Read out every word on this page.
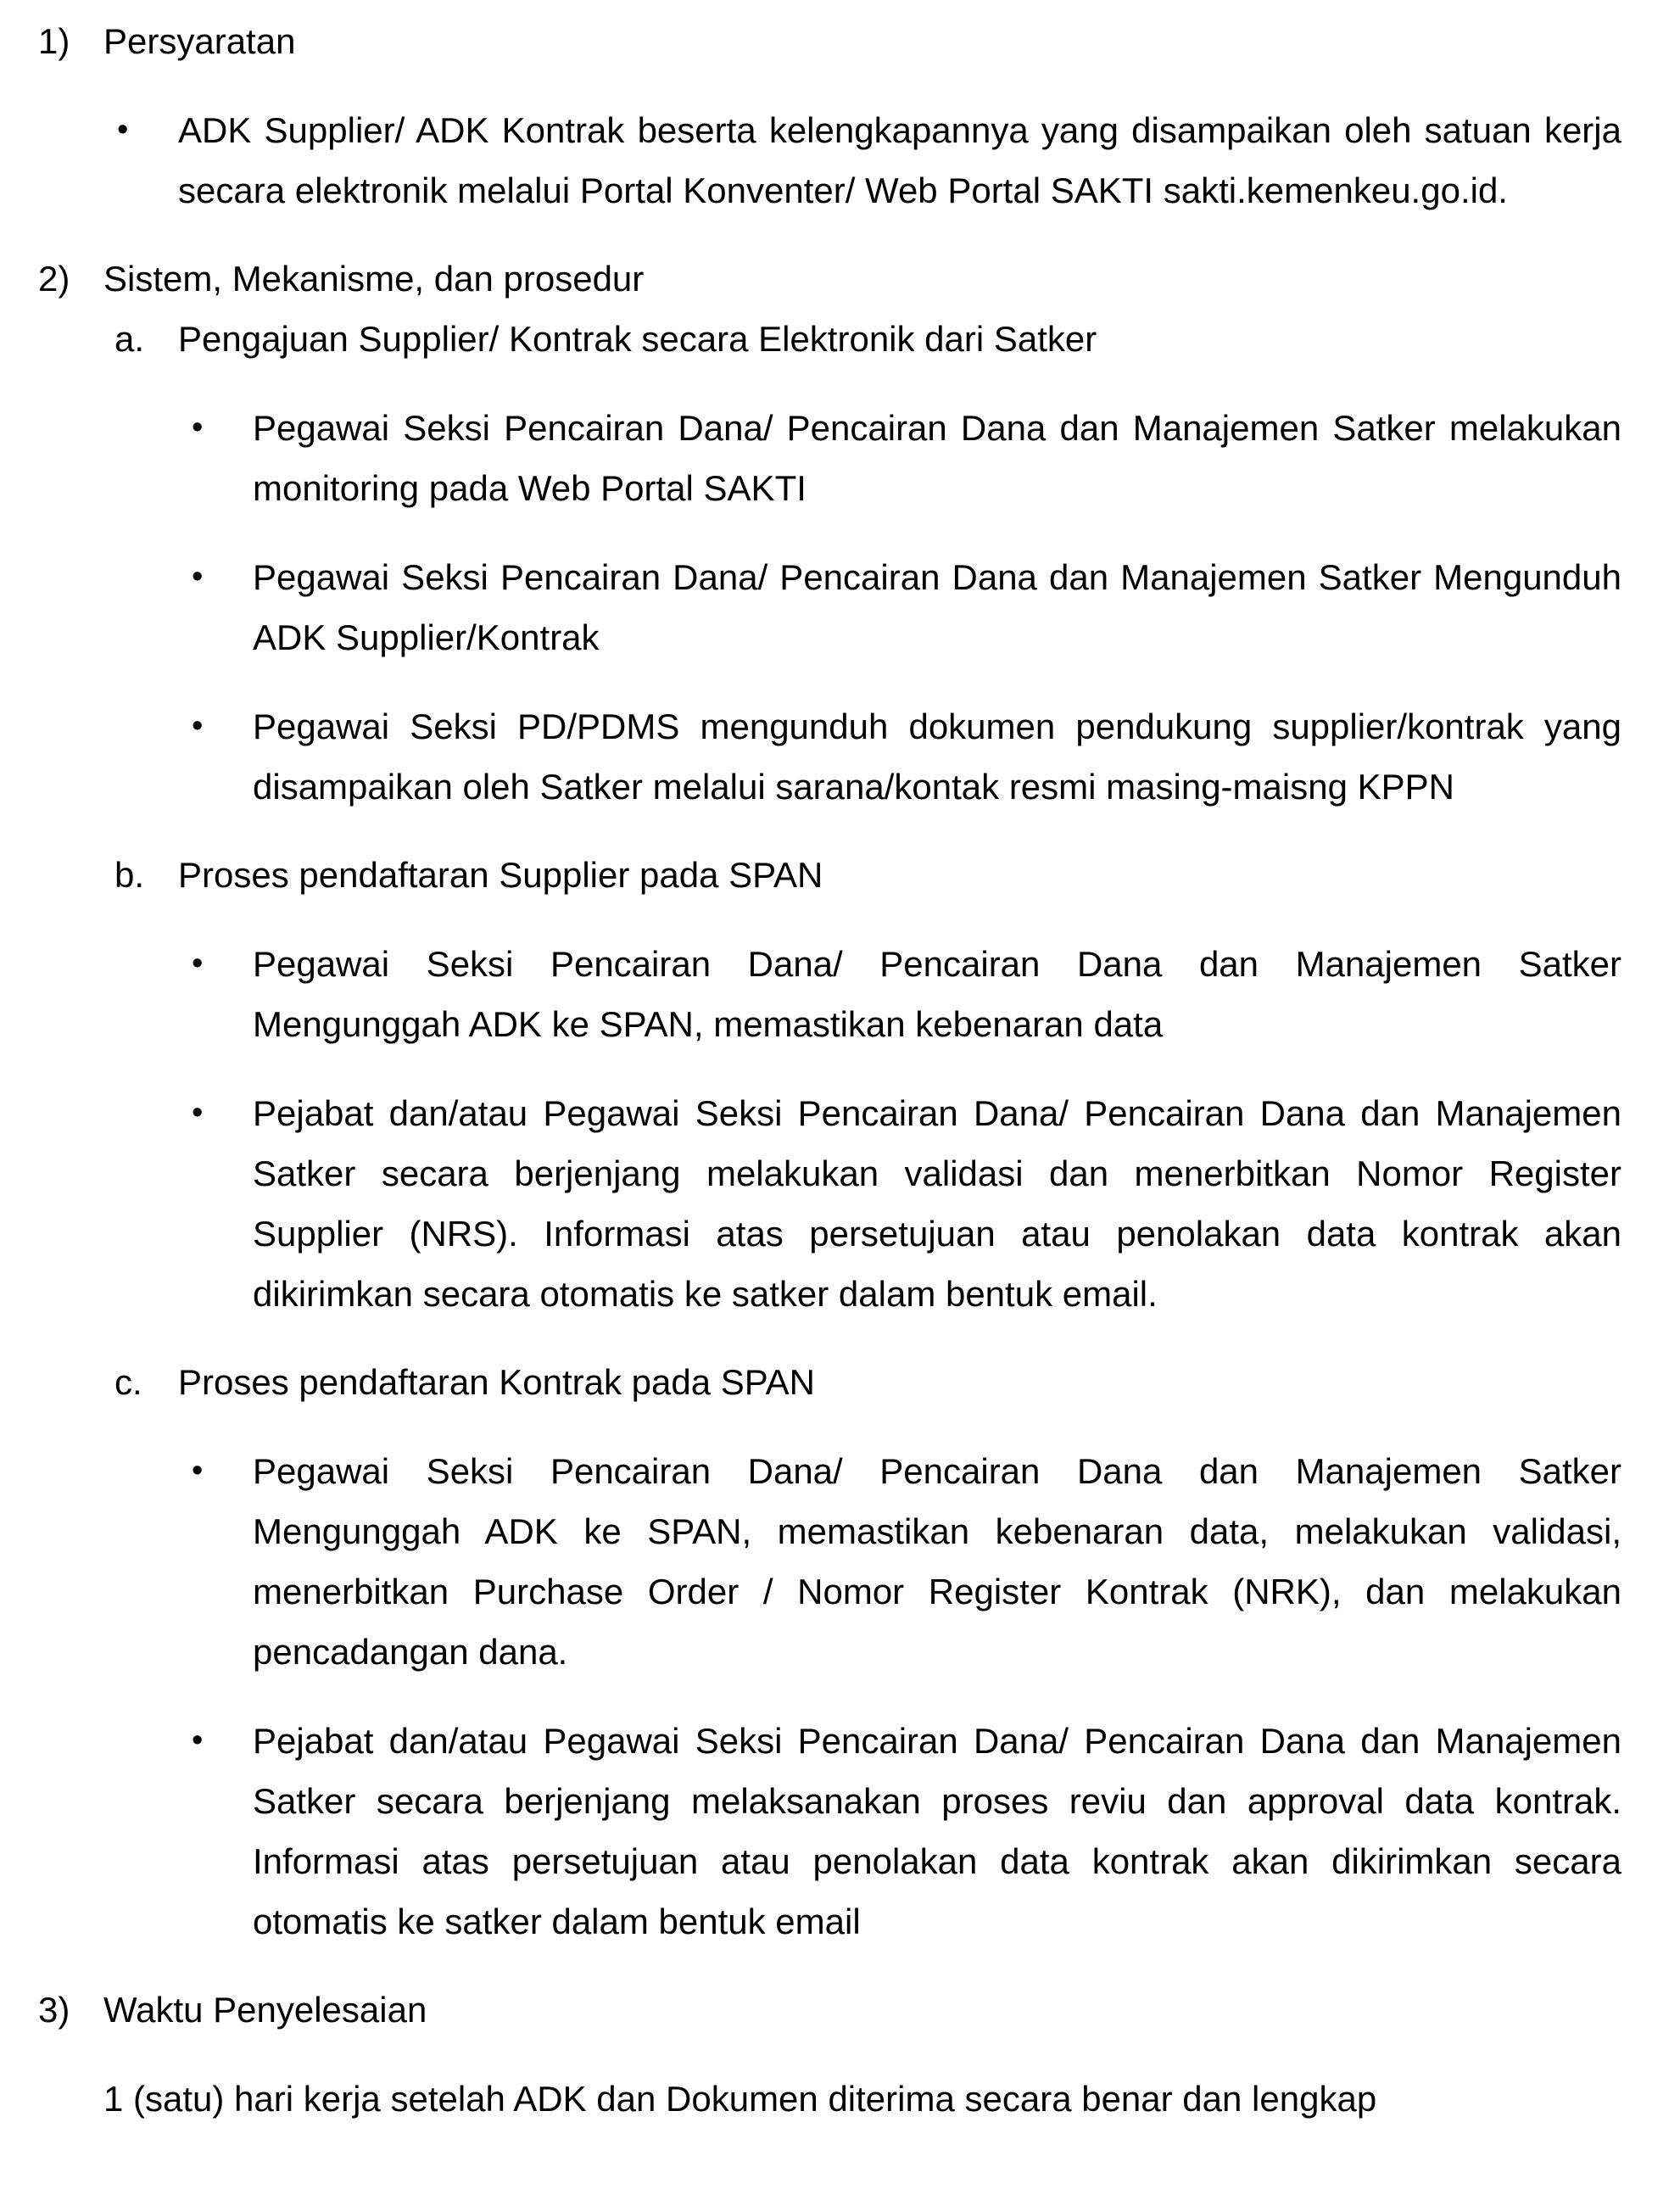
1) Persyaratan
• ADK Supplier/ ADK Kontrak beserta kelengkapannya yang disampaikan oleh satuan kerja secara elektronik melalui Portal Konventer/ Web Portal SAKTI sakti.kemenkeu.go.id.
2) Sistem, Mekanisme, dan prosedur
a. Pengajuan Supplier/ Kontrak secara Elektronik dari Satker
• Pegawai Seksi Pencairan Dana/ Pencairan Dana dan Manajemen Satker melakukan monitoring pada Web Portal SAKTI
• Pegawai Seksi Pencairan Dana/ Pencairan Dana dan Manajemen Satker Mengunduh ADK Supplier/Kontrak
• Pegawai Seksi PD/PDMS mengunduh dokumen pendukung supplier/kontrak yang disampaikan oleh Satker melalui sarana/kontak resmi masing-maisng KPPN
b. Proses pendaftaran Supplier pada SPAN
• Pegawai Seksi Pencairan Dana/ Pencairan Dana dan Manajemen Satker Mengunggah ADK ke SPAN, memastikan kebenaran data
• Pejabat dan/atau Pegawai Seksi Pencairan Dana/ Pencairan Dana dan Manajemen Satker secara berjenjang melakukan validasi dan menerbitkan Nomor Register Supplier (NRS). Informasi atas persetujuan atau penolakan data kontrak akan dikirimkan secara otomatis ke satker dalam bentuk email.
c. Proses pendaftaran Kontrak pada SPAN
• Pegawai Seksi Pencairan Dana/ Pencairan Dana dan Manajemen Satker Mengunggah ADK ke SPAN, memastikan kebenaran data, melakukan validasi, menerbitkan Purchase Order / Nomor Register Kontrak (NRK), dan melakukan pencadangan dana.
• Pejabat dan/atau Pegawai Seksi Pencairan Dana/ Pencairan Dana dan Manajemen Satker secara berjenjang melaksanakan proses reviu dan approval data kontrak. Informasi atas persetujuan atau penolakan data kontrak akan dikirimkan secara otomatis ke satker dalam bentuk email
3) Waktu Penyelesaian
1 (satu) hari kerja setelah ADK dan Dokumen diterima secara benar dan lengkap
